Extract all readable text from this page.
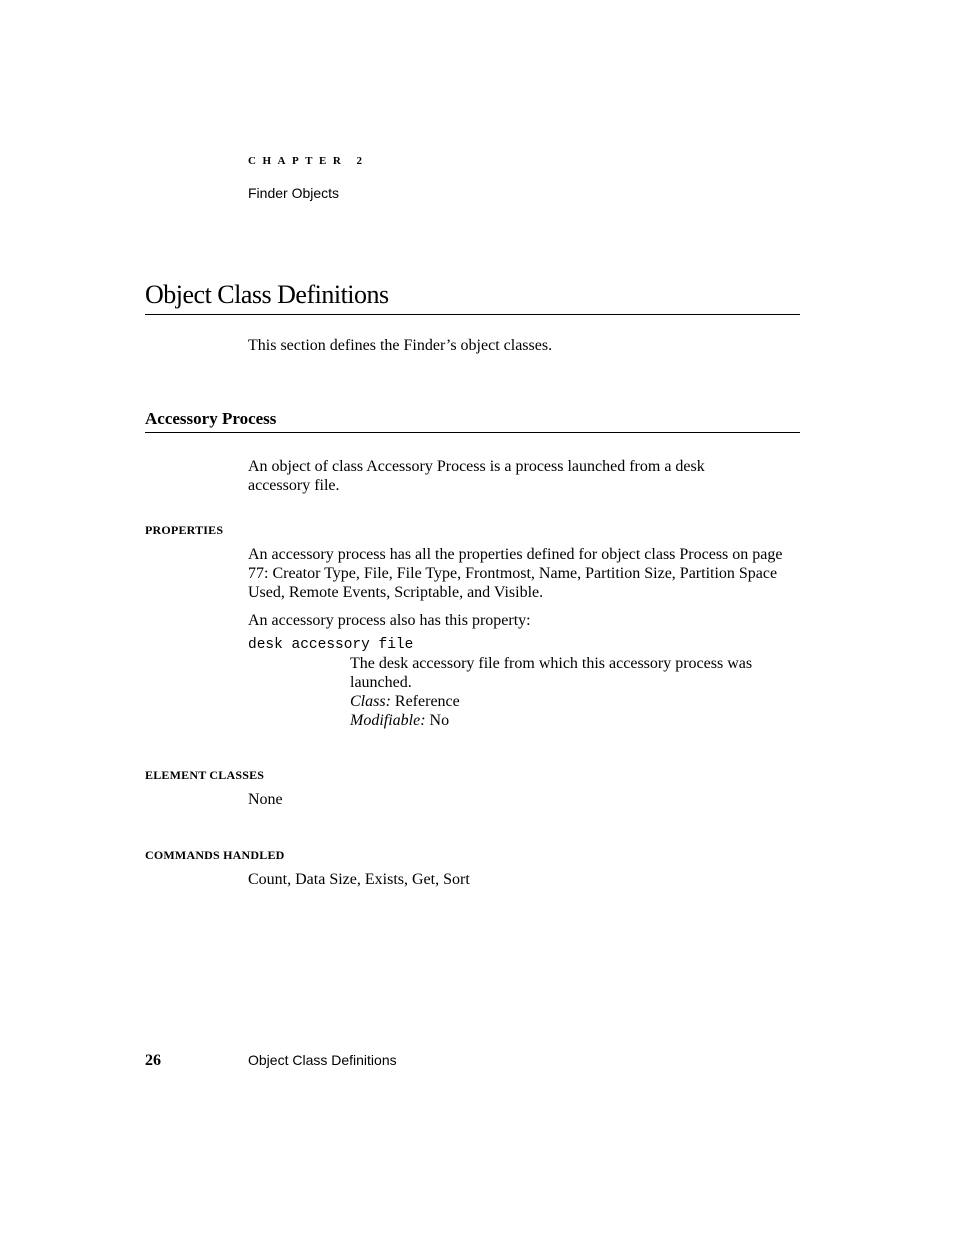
CHAPTER 2
Finder Objects
Object Class Definitions
This section defines the Finder’s object classes.
Accessory Process
An object of class Accessory Process is a process launched from a desk accessory file.
PROPERTIES
An accessory process has all the properties defined for object class Process on page 77: Creator Type, File, File Type, Frontmost, Name, Partition Size, Partition Space Used, Remote Events, Scriptable, and Visible.
An accessory process also has this property:
desk accessory file
The desk accessory file from which this accessory process was launched.
Class: Reference
Modifiable: No
ELEMENT CLASSES
None
COMMANDS HANDLED
Count, Data Size, Exists, Get, Sort
26	Object Class Definitions
